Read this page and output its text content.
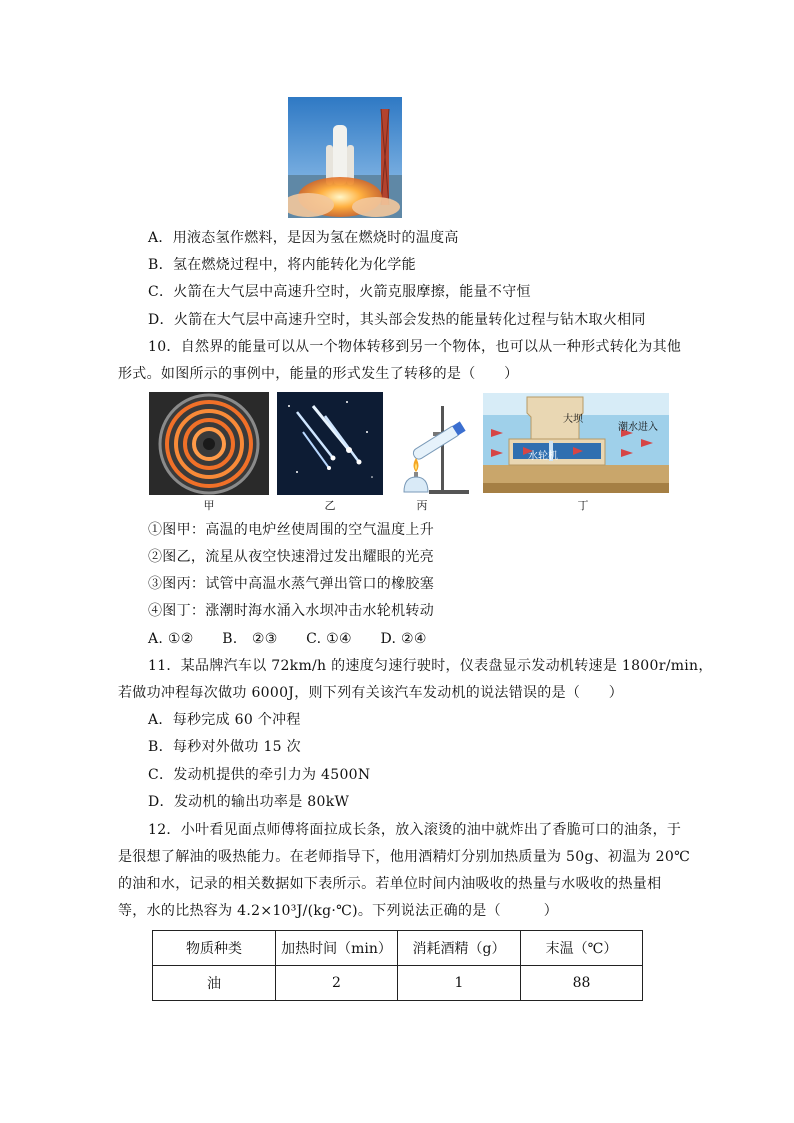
A．用液态氢作燃料，是因为氢在燃烧时的温度高
B．氢在燃烧过程中，将内能转化为化学能
C．火箭在大气层中高速升空时，火箭克服摩擦，能量不守恒
D．火箭在大气层中高速升空时，其头部会发热的能量转化过程与钻木取火相同
10．自然界的能量可以从一个物体转移到另一个物体，也可以从一种形式转化为其他
形式。如图所示的事例中，能量的形式发生了转移的是（　　）
大坝
潮水进入
水轮机
甲	乙	丙	丁
①图甲：高温的电炉丝使周围的空气温度上升
②图乙，流星从夜空快速滑过发出耀眼的光亮
③图丙：试管中高温水蒸气弹出管口的橡胶塞
④图丁：涨潮时海水涌入水坝冲击水轮机转动
A. ①②　　B.　②③　　C. ①④　　D. ②④
11．某品牌汽车以 72km/h 的速度匀速行驶时，仪表盘显示发动机转速是 1800r/min，
若做功冲程每次做功 6000J，则下列有关该汽车发动机的说法错误的是（　　）
A．每秒完成 60 个冲程
B．每秒对外做功 15 次
C．发动机提供的牵引力为 4500N
D．发动机的输出功率是 80kW
12．小叶看见面点师傅将面拉成长条，放入滚烫的油中就炸出了香脆可口的油条，于
是很想了解油的吸热能力。在老师指导下，他用酒精灯分别加热质量为 50g、初温为 20℃
的油和水，记录的相关数据如下表所示。若单位时间内油吸收的热量与水吸收的热量相
等，水的比热容为 4.2×10³J/(kg·℃)。下列说法正确的是（　　　）
物质种类	加热时间（min）	消耗酒精（g）	末温（℃）
油	2	1	88
